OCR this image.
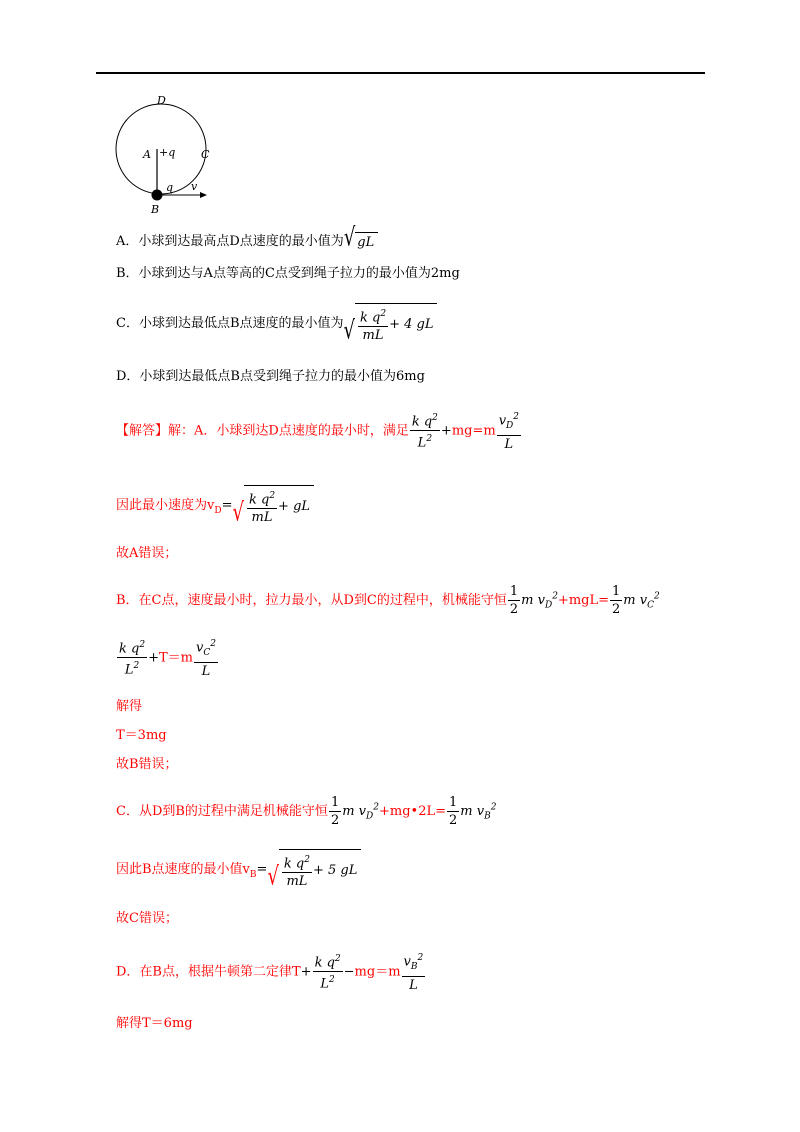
D
C
A +q
q v
B
A．小球到达最高点D点速度的最小值为 √ gL
B．小球到达与A点等高的C点受到绳子拉力的最小值为2mg
C．小球到达最低点B点速度的最小值为 √ $\frac{k q^2}{mL} + 4$ gL
D．小球到达最低点B点受到绳子拉力的最小值为6mg
【解答】解：A．小球到达D点速度的最小时，满足 $\frac{k q^2}{L^2} +mg=m \frac{v_D^2}{L}$
因此最小速度为$v_D=$ √ $\frac{k q^2}{mL}$ + gL
故A错误；
B．在C点，速度最小时，拉力最小，从D到C的过程中，机械能守恒 $\frac{1}{2}$ m $v_D^2+mgL= \frac{1}{2}$ m $v_C^2$
$\frac{k q^2}{L^2} +T=m \frac{v_C^2}{L}$
解得
T＝3mg
故B错误；
C．从D到B的过程中满足机械能守恒 $\frac{1}{2}$ m $v_D^2+mg•2L= \frac{1}{2}$ m $v_B^2$
因此B点速度的最小值$v_B=$ √ $\frac{k q^2}{mL} + 5$ gL
故C错误；
D．在B点，根据牛顿第二定律$T+ \frac{k q^2}{L^2} -mg=m \frac{v_B^2}{L}$
解得T＝6mg
